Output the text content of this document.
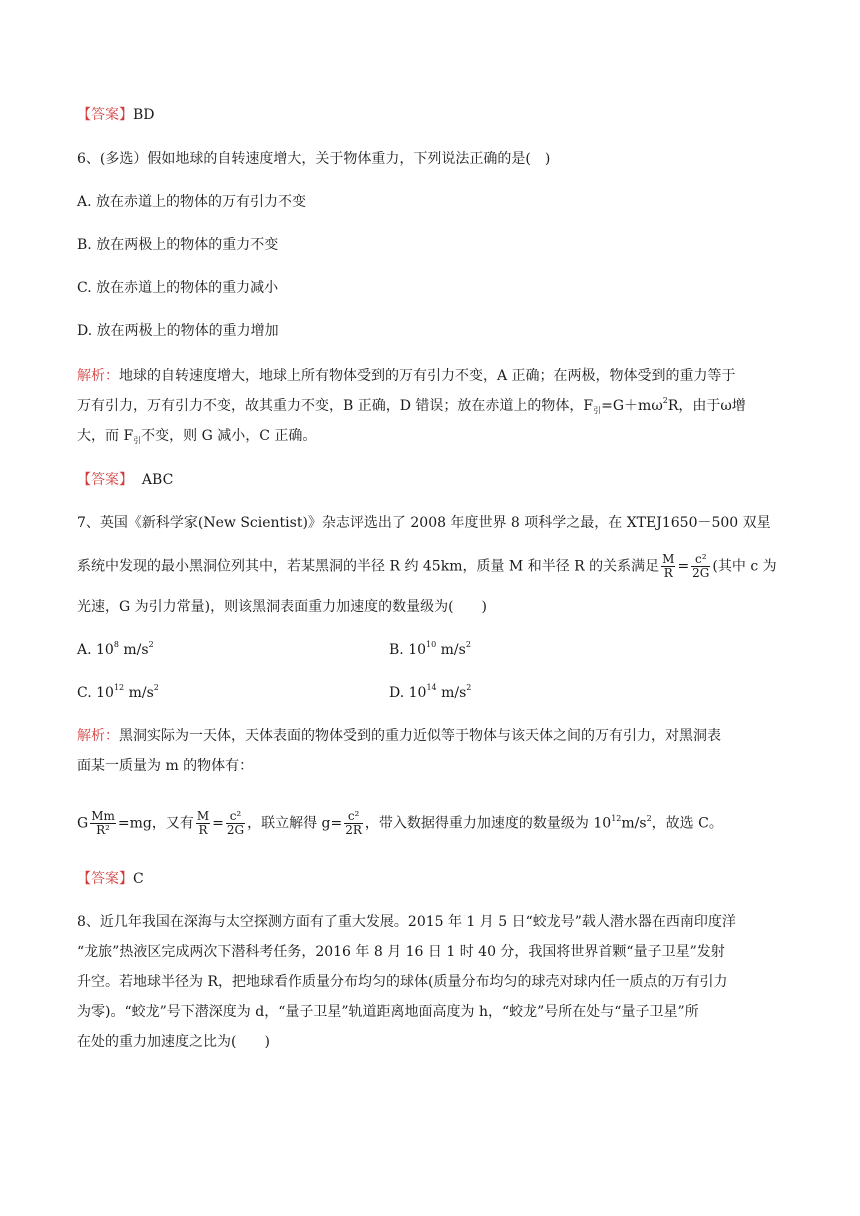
【答案】BD
6、(多选）假如地球的自转速度增大，关于物体重力，下列说法正确的是(　)
A. 放在赤道上的物体的万有引力不变
B. 放在两极上的物体的重力不变
C. 放在赤道上的物体的重力减小
D. 放在两极上的物体的重力增加
解析：地球的自转速度增大，地球上所有物体受到的万有引力不变，A 正确；在两极，物体受到的重力等于
万有引力，万有引力不变，故其重力不变，B 正确，D 错误；放在赤道上的物体，$F_引=G+m\omega^2R$，由于ω增
大，而 $F_引$不变，则 G 减小，C 正确。
【答案】 ABC
7、英国《新科学家(New Scientist)》杂志评选出了 2008 年度世界 8 项科学之最，在 XTEJ1650－500 双星
系统中发现的最小黑洞位列其中，若某黑洞的半径 R 约 45km，质量 M 和半径 R 的关系满足 $\frac{M}{R} = \frac{\text{c²}}{2G}$ (其中 c 为
光速，G 为引力常量)，则该黑洞表面重力加速度的数量级为(　　)
A. $10^8$ $m/s^2$	B. $10^{10}$ $m/s^2$
C. $10^{12}$ $m/s^2$	D. $10^{14}$ $m/s^2$
解析：黑洞实际为一天体，天体表面的物体受到的重力近似等于物体与该天体之间的万有引力，对黑洞表
面某一质量为 m 的物体有：
G $\frac{Mm}{\text{R²}} =mg$，又有 $\frac{M}{R} = \frac{\text{c²}}{2G}$ ，联立解得 $g= \frac{\text{c²}}{2R}$ ，带入数据得重力加速度的数量级为 $10^{12}m/s^2$，故选 C。
【答案】C
8、近几年我国在深海与太空探测方面有了重大发展。2015 年 1 月 5 日“蛟龙号”载人潜水器在西南印度洋
“龙旅”热液区完成两次下潜科考任务，2016 年 8 月 16 日 1 时 40 分，我国将世界首颗“量子卫星”发射
升空。若地球半径为 R，把地球看作质量分布均匀的球体(质量分布均匀的球壳对球内任一质点的万有引力
为零)。“蛟龙”号下潜深度为 d，“量子卫星”轨道距离地面高度为 h，“蛟龙”号所在处与“量子卫星”所
在处的重力加速度之比为(　　)
